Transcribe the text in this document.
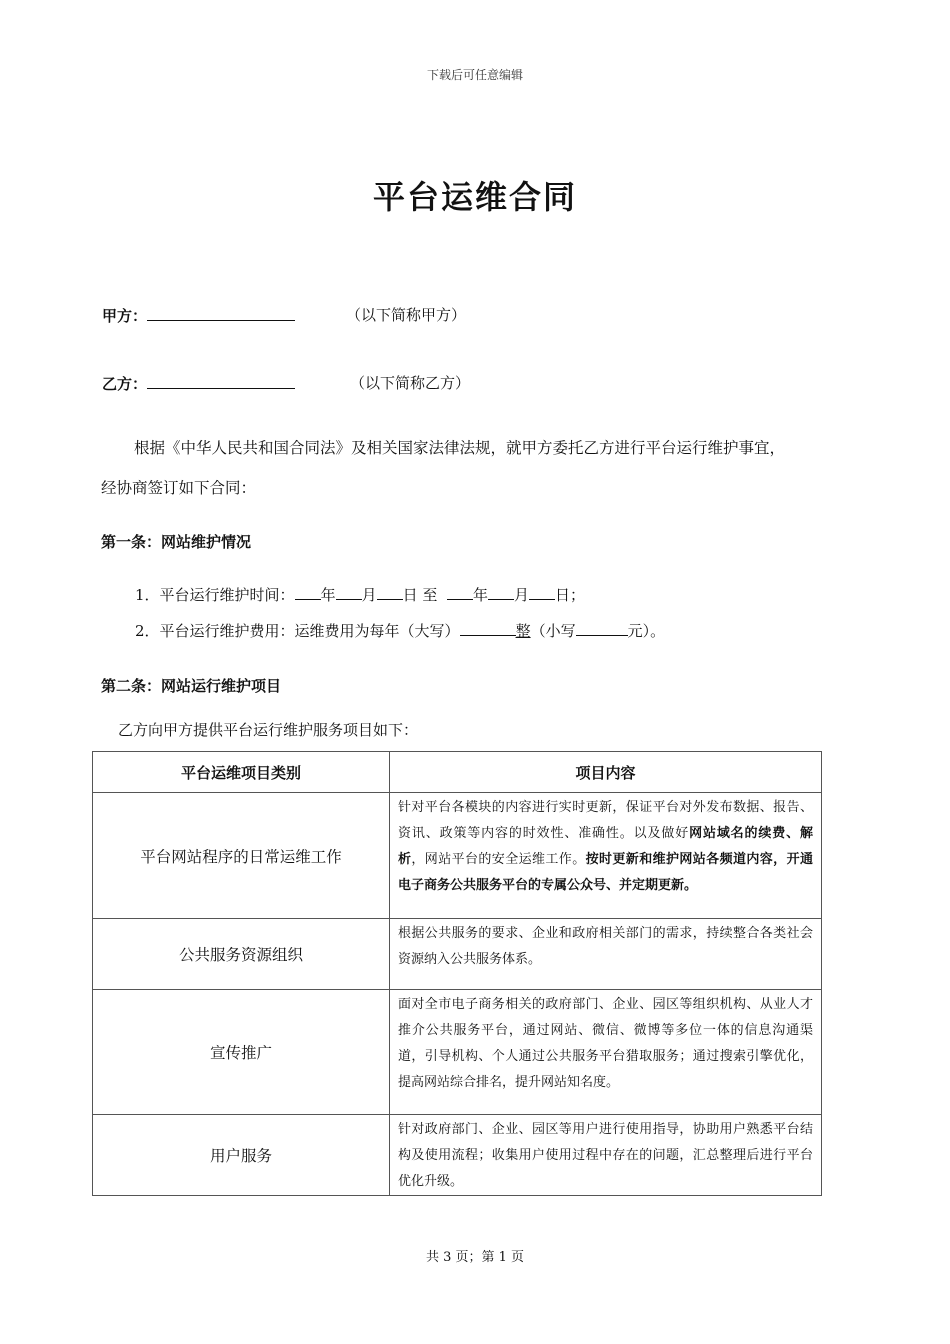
下载后可任意编辑
平台运维合同
甲方：	（以下简称甲方）
乙方：	（以下简称乙方）
根据《中华人民共和国合同法》及相关国家法律法规，就甲方委托乙方进行平台运行维护事宜，
经协商签订如下合同：
第一条：网站维护情况
1．平台运行维护时间： 年 月 日 至 年 月 日；
2．平台运行维护费用：运维费用为每年（大写）	整（小写	元）。
第二条：网站运行维护项目
乙方向甲方提供平台运行维护服务项目如下：
平台运维项目类别	项目内容
平台网站程序的日常运维工作	针对平台各模块的内容进行实时更新，保证平台对外发布数据、报告、资讯、政策等内容的时效性、准确性。以及做好网站域名的续费、解析，网站平台的安全运维工作。按时更新和维护网站各频道内容，开通电子商务公共服务平台的专属公众号、并定期更新。
公共服务资源组织	根据公共服务的要求、企业和政府相关部门的需求，持续整合各类社会资源纳入公共服务体系。
宣传推广	面对全市电子商务相关的政府部门、企业、园区等组织机构、从业人才推介公共服务平台，通过网站、微信、微博等多位一体的信息沟通渠道，引导机构、个人通过公共服务平台猎取服务；通过搜索引擎优化，提高网站综合排名，提升网站知名度。
用户服务	针对政府部门、企业、园区等用户进行使用指导，协助用户熟悉平台结构及使用流程；收集用户使用过程中存在的问题，汇总整理后进行平台优化升级。
共 3 页；第 1 页
